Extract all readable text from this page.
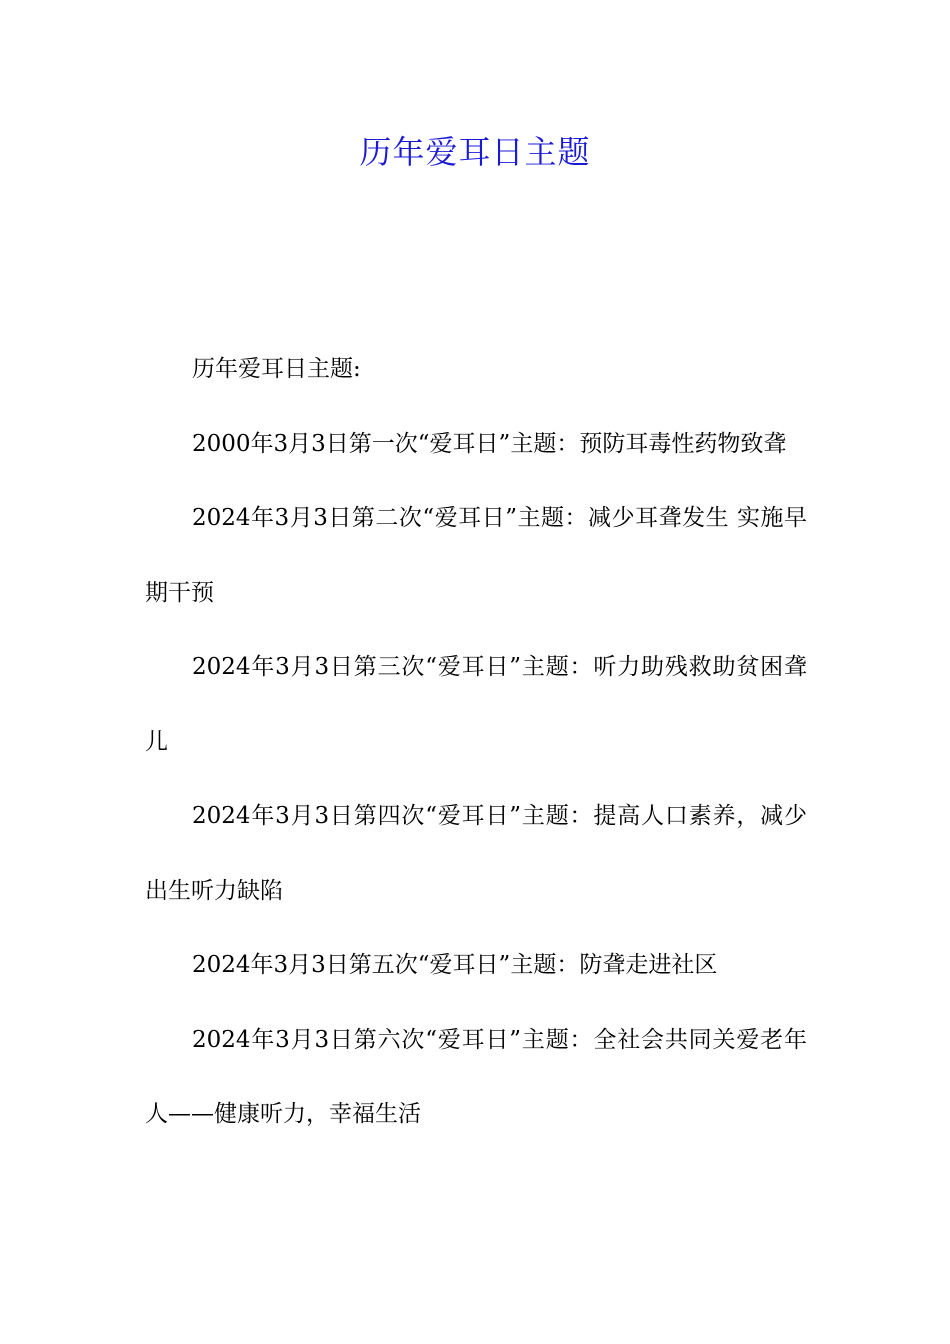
历年爱耳日主题

历年爱耳日主题:

2000年3月3日第一次“爱耳日”主题：预防耳毒性药物致聋

2024年3月3日第二次“爱耳日”主题：减少耳聋发生 实施早期干预

2024年3月3日第三次“爱耳日”主题：听力助残救助贫困聋儿

2024年3月3日第四次“爱耳日”主题：提高人口素养，减少出生听力缺陷

2024年3月3日第五次“爱耳日”主题：防聋走进社区

2024年3月3日第六次“爱耳日”主题：全社会共同关爱老年人——健康听力，幸福生活
